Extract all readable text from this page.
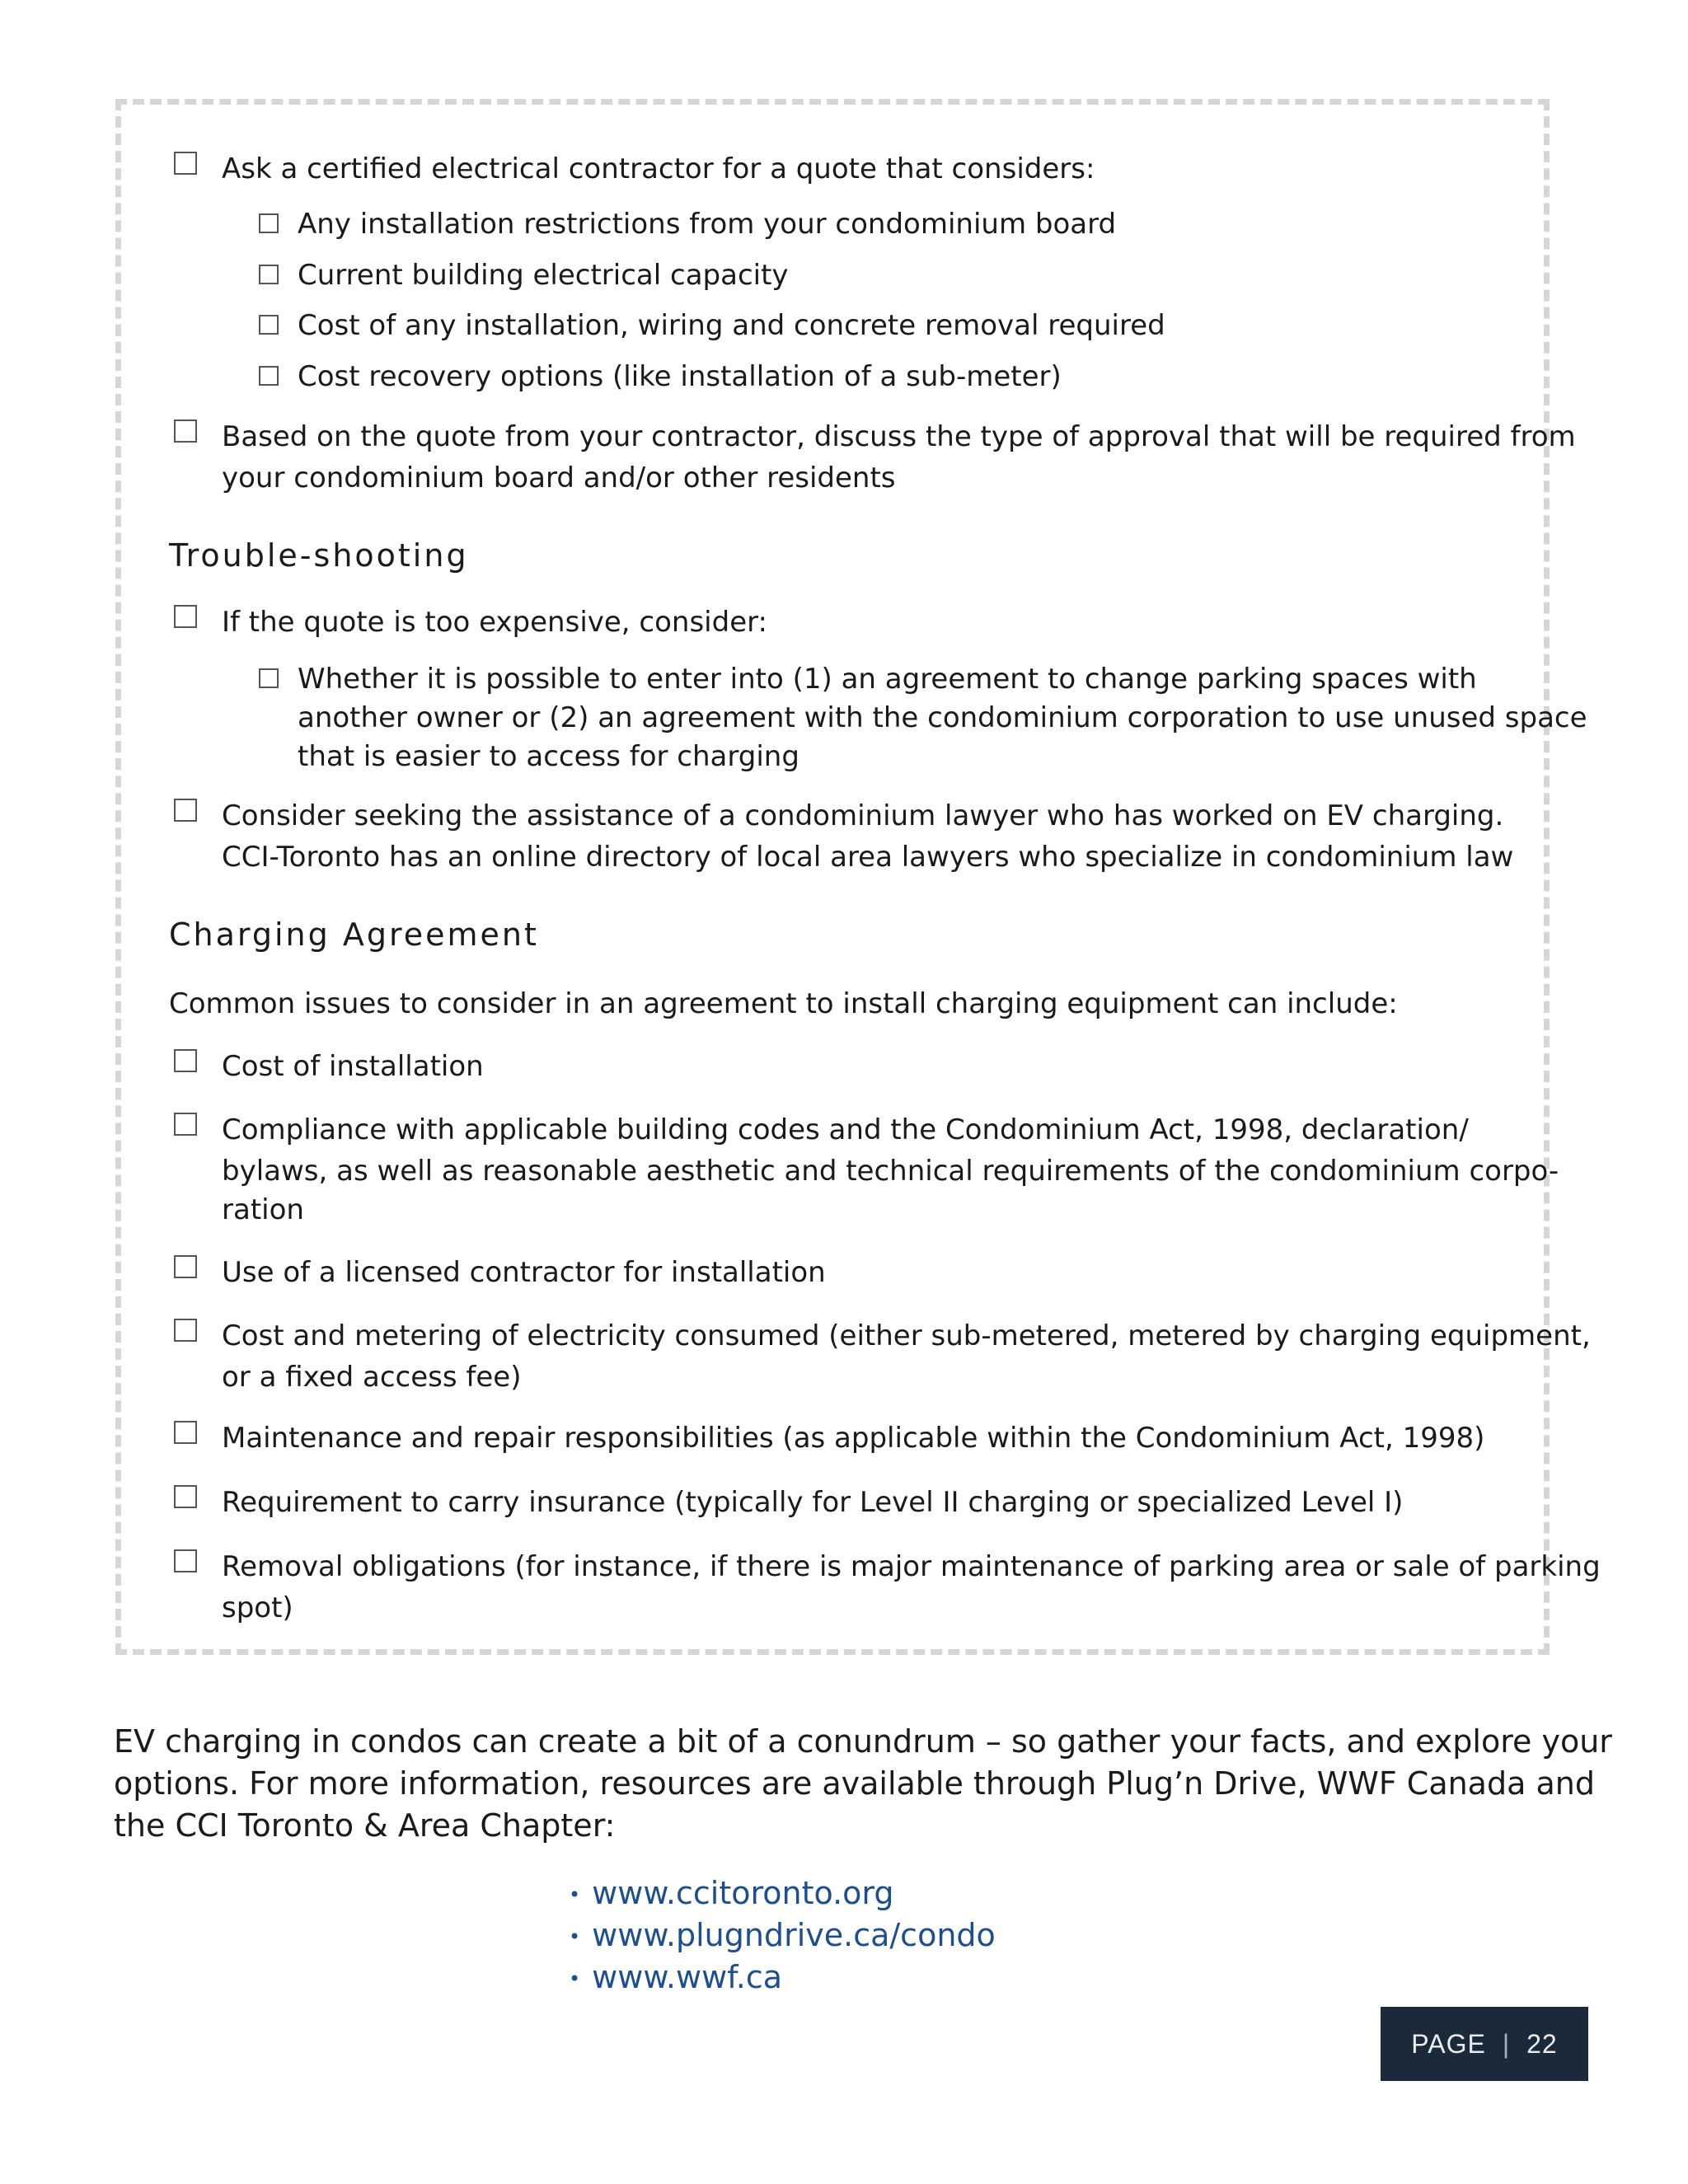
Ask a certified electrical contractor for a quote that considers:
Any installation restrictions from your condominium board
Current building electrical capacity
Cost of any installation, wiring and concrete removal required
Cost recovery options (like installation of a sub-meter)
Based on the quote from your contractor, discuss the type of approval that will be required from
your condominium board and/or other residents
Trouble-shooting
If the quote is too expensive, consider:
Whether it is possible to enter into (1) an agreement to change parking spaces with
another owner or (2) an agreement with the condominium corporation to use unused space
that is easier to access for charging
Consider seeking the assistance of a condominium lawyer who has worked on EV charging.
CCI-Toronto has an online directory of local area lawyers who specialize in condominium law
Charging Agreement
Common issues to consider in an agreement to install charging equipment can include:
Cost of installation
Compliance with applicable building codes and the Condominium Act, 1998, declaration/
bylaws, as well as reasonable aesthetic and technical requirements of the condominium corpo-
ration
Use of a licensed contractor for installation
Cost and metering of electricity consumed (either sub-metered, metered by charging equipment,
or a fixed access fee)
Maintenance and repair responsibilities (as applicable within the Condominium Act, 1998)
Requirement to carry insurance (typically for Level II charging or specialized Level I)
Removal obligations (for instance, if there is major maintenance of parking area or sale of parking
spot)
EV charging in condos can create a bit of a conundrum – so gather your facts, and explore your
options. For more information, resources are available through Plug’n Drive, WWF Canada and
the CCI Toronto & Area Chapter:
• www.ccitoronto.org
• www.plugndrive.ca/condo
• www.wwf.ca
PAGE | 22
